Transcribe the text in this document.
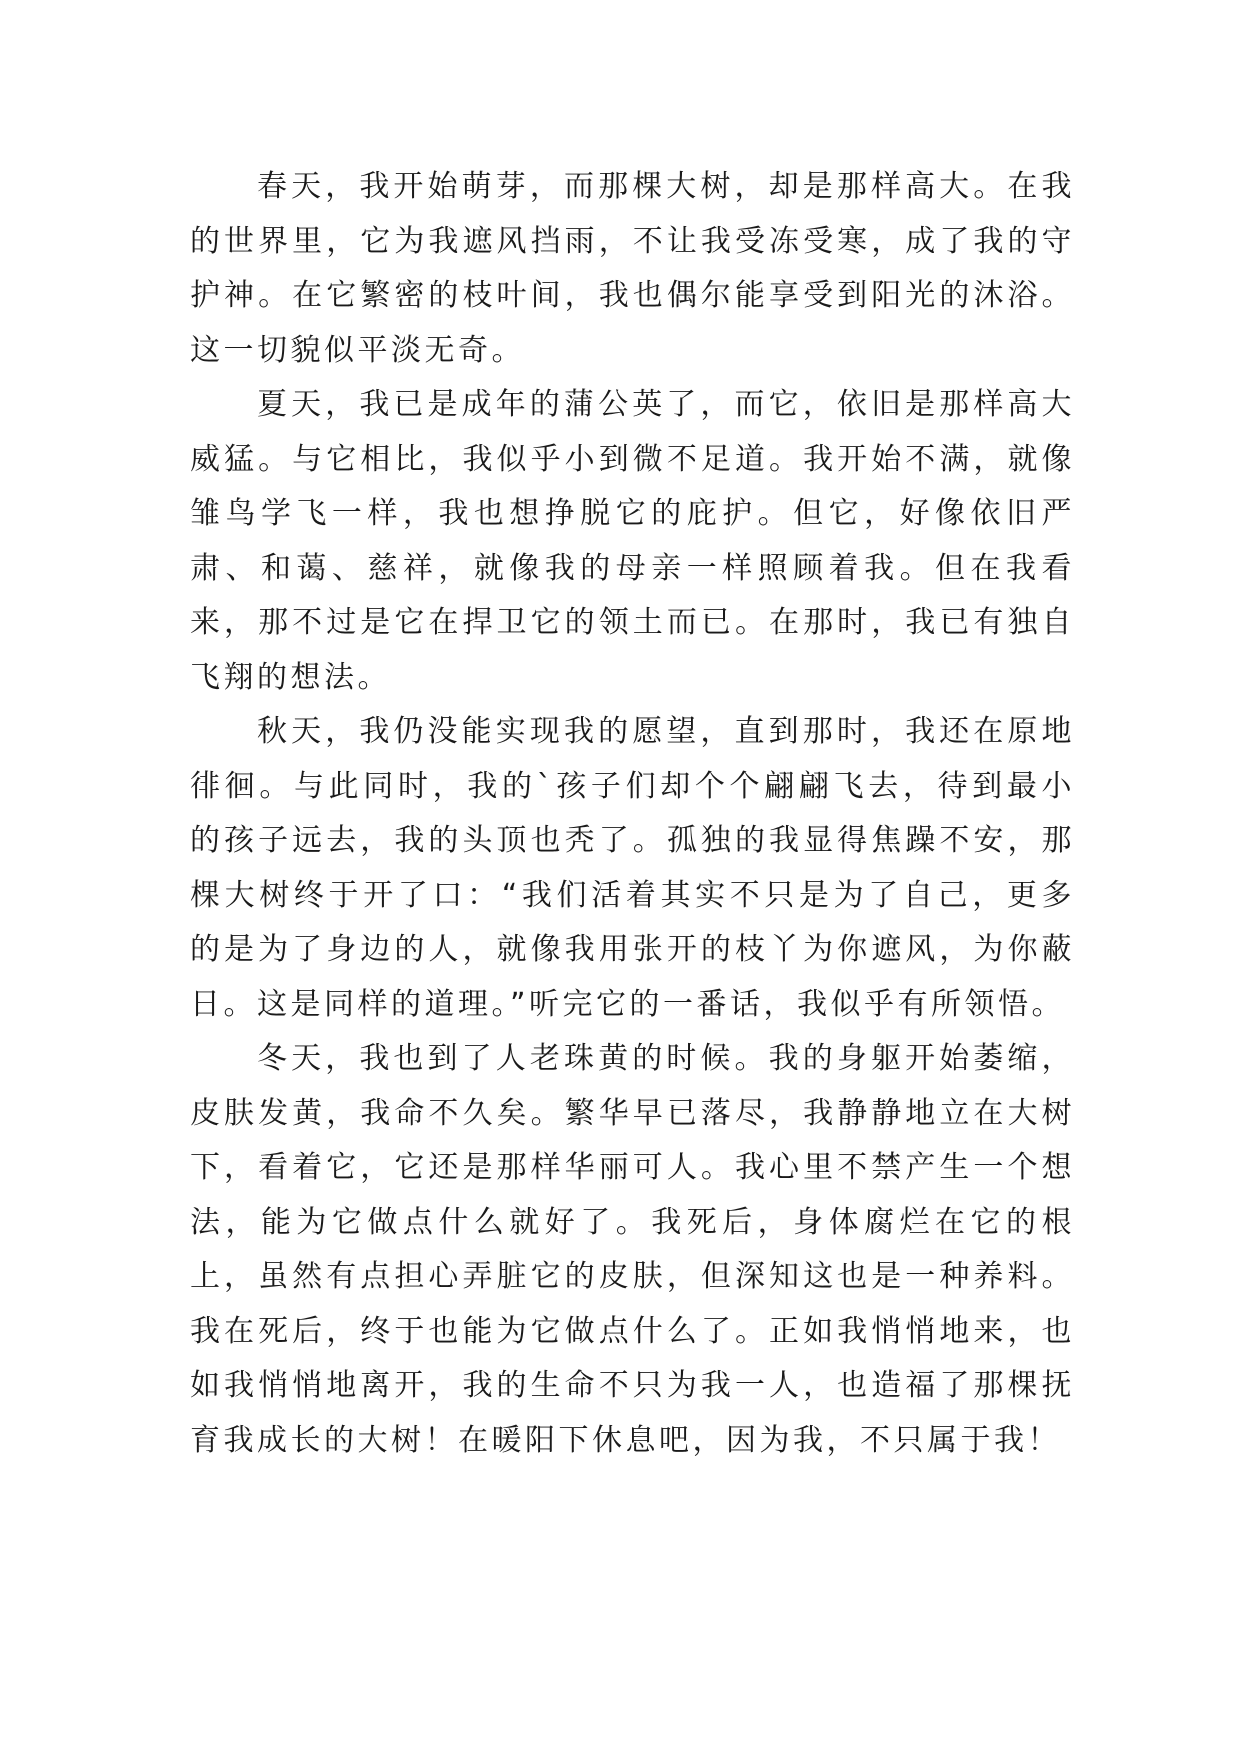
春天，我开始萌芽，而那棵大树，却是那样高大。在我的世界里，它为我遮风挡雨，不让我受冻受寒，成了我的守护神。在它繁密的枝叶间，我也偶尔能享受到阳光的沐浴。这一切貌似平淡无奇。

夏天，我已是成年的蒲公英了，而它，依旧是那样高大威猛。与它相比，我似乎小到微不足道。我开始不满，就像雏鸟学飞一样，我也想挣脱它的庇护。但它，好像依旧严肃、和蔼、慈祥，就像我的母亲一样照顾着我。但在我看来，那不过是它在捍卫它的领土而已。在那时，我已有独自飞翔的想法。

秋天，我仍没能实现我的愿望，直到那时，我还在原地徘徊。与此同时，我的`孩子们却个个翩翩飞去，待到最小的孩子远去，我的头顶也秃了。孤独的我显得焦躁不安，那棵大树终于开了口：“我们活着其实不只是为了自己，更多的是为了身边的人，就像我用张开的枝丫为你遮风，为你蔽日。这是同样的道理。”听完它的一番话，我似乎有所领悟。

冬天，我也到了人老珠黄的时候。我的身躯开始萎缩，皮肤发黄，我命不久矣。繁华早已落尽，我静静地立在大树下，看着它，它还是那样华丽可人。我心里不禁产生一个想法，能为它做点什么就好了。我死后，身体腐烂在它的根上，虽然有点担心弄脏它的皮肤，但深知这也是一种养料。我在死后，终于也能为它做点什么了。正如我悄悄地来，也如我悄悄地离开，我的生命不只为我一人，也造福了那棵抚育我成长的大树！在暖阳下休息吧，因为我，不只属于我！
